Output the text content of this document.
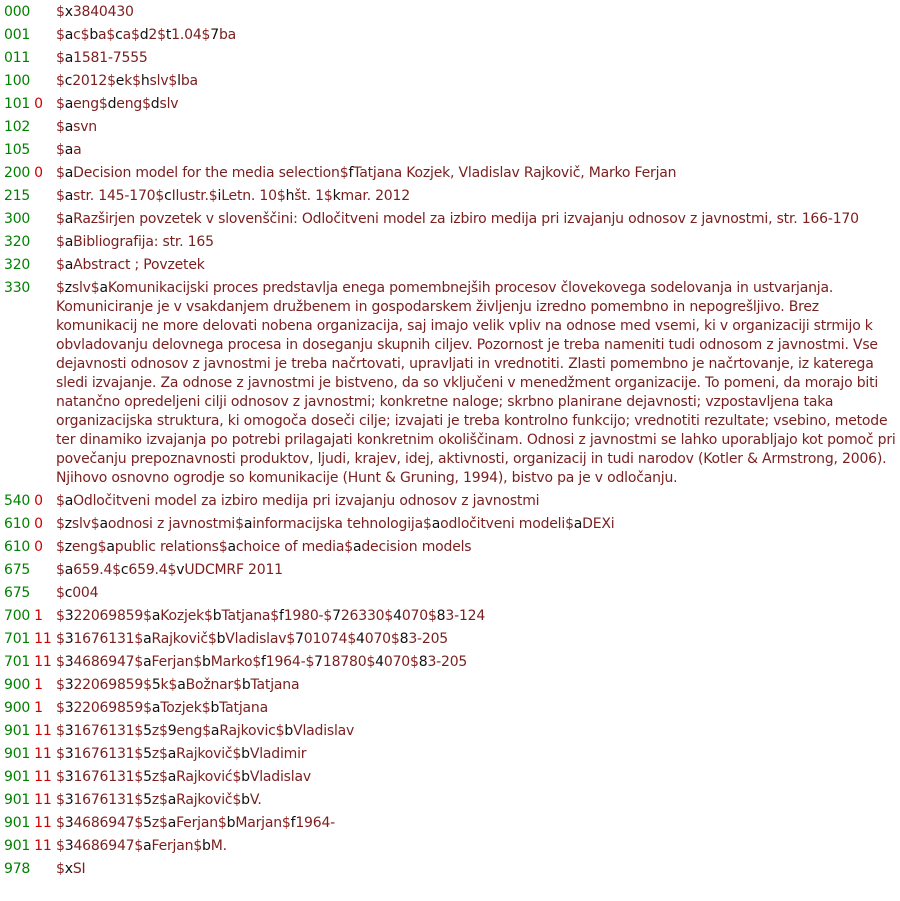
000 $x3840430
001 $ac$ba$ca$d2$t1.04$7ba
011 $a1581-7555
100 $c2012$ek$hslv$lba
101 0 $aeng$deng$dslv
102 $asvn
105 $aa
200 0 $aDecision model for the media selection$fTatjana Kozjek, Vladislav Rajkovič, Marko Ferjan
215 $astr. 145-170$cIlustr.$iLetn. 10$hšt. 1$kmar. 2012
300 $aRazširjen povzetek v slovenščini: Odločitveni model za izbiro medija pri izvajanju odnosov z javnostmi, str. 166-170
320 $aBibliografija: str. 165
320 $aAbstract ; Povzetek
330 $zslv$aKomunikacijski proces predstavlja enega pomembnejših procesov človekovega sodelovanja in ustvarjanja. Komuniciranje je v vsakdanjem družbenem in gospodarskem življenju izredno pomembno in nepogrešljivo. Brez komunikacij ne more delovati nobena organizacija, saj imajo velik vpliv na odnose med vsemi, ki v organizaciji strmijo k obvladovanju delovnega procesa in doseganju skupnih ciljev. Pozornost je treba nameniti tudi odnosom z javnostmi. Vse dejavnosti odnosov z javnostmi je treba načrtovati, upravljati in vrednotiti. Zlasti pomembno je načrtovanje, iz katerega sledi izvajanje. Za odnose z javnostmi je bistveno, da so vključeni v menedžment organizacije. To pomeni, da morajo biti natančno opredeljeni cilji odnosov z javnostmi; konkretne naloge; skrbno planirane dejavnosti; vzpostavljena taka organizacijska struktura, ki omogoča doseči cilje; izvajati je treba kontrolno funkcijo; vrednotiti rezultate; vsebino, metode ter dinamiko izvajanja po potrebi prilagajati konkretnim okoliščinam. Odnosi z javnostmi se lahko uporabljajo kot pomoč pri povečanju prepoznavnosti produktov, ljudi, krajev, idej, aktivnosti, organizacij in tudi narodov (Kotler & Armstrong, 2006). Njihovo osnovno ogrodje so komunikacije (Hunt & Gruning, 1994), bistvo pa je v odločanju.
540 0 $aOdločitveni model za izbiro medija pri izvajanju odnosov z javnostmi
610 0 $zslv$aodnosi z javnostmi$ainformacijska tehnologija$aodločitveni modeli$aDEXi
610 0 $zeng$apublic relations$achoice of media$adecision models
675 $a659.4$c659.4$vUDCMRF 2011
675 $c004
700 1 $322069859$aKozjek$bTatjana$f1980-$726330$4070$83-124
701 11 $31676131$aRajkovič$bVladislav$701074$4070$83-205
701 11 $34686947$aFerjan$bMarko$f1964-$718780$4070$83-205
900 1 $322069859$5k$aBožnar$bTatjana
900 1 $322069859$aTozjek$bTatjana
901 11 $31676131$5z$9eng$aRajkovic$bVladislav
901 11 $31676131$5z$aRajkovič$bVladimir
901 11 $31676131$5z$aRajković$bVladislav
901 11 $31676131$5z$aRajkovič$bV.
901 11 $34686947$5z$aFerjan$bMarjan$f1964-
901 11 $34686947$aFerjan$bM.
978 $xSI
